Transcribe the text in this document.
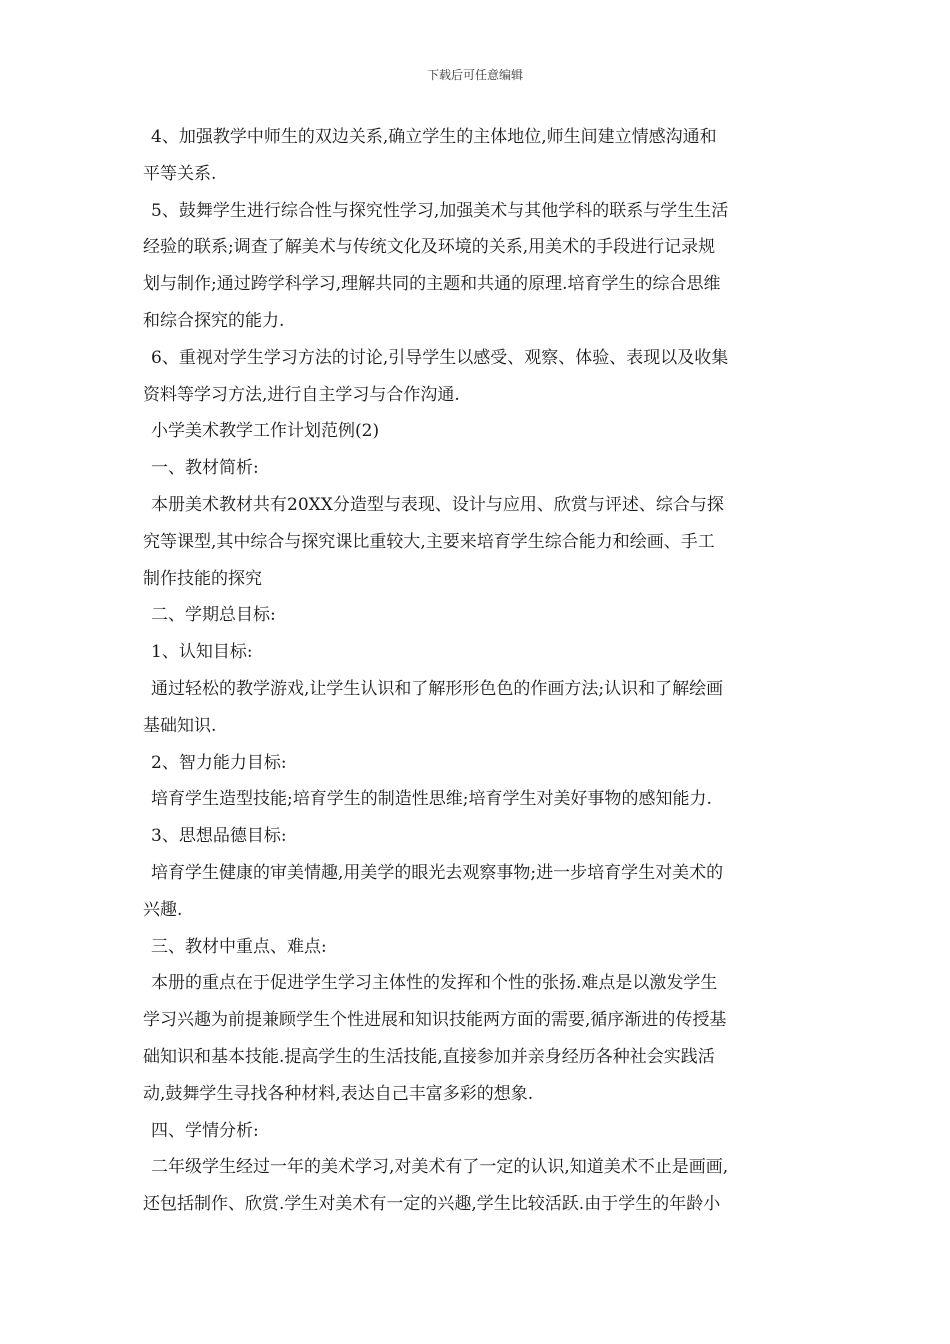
下载后可任意编辑
4、加强教学中师生的双边关系,确立学生的主体地位,师生间建立情感沟通和
平等关系.
5、鼓舞学生进行综合性与探究性学习,加强美术与其他学科的联系与学生生活
经验的联系;调查了解美术与传统文化及环境的关系,用美术的手段进行记录规
划与制作;通过跨学科学习,理解共同的主题和共通的原理.培育学生的综合思维
和综合探究的能力.
6、重视对学生学习方法的讨论,引导学生以感受、观察、体验、表现以及收集
资料等学习方法,进行自主学习与合作沟通.
小学美术教学工作计划范例(2)
一、教材简析:
本册美术教材共有20XX分造型与表现、设计与应用、欣赏与评述、综合与探
究等课型,其中综合与探究课比重较大,主要来培育学生综合能力和绘画、手工
制作技能的探究
二、学期总目标:
1、认知目标:
通过轻松的教学游戏,让学生认识和了解形形色色的作画方法;认识和了解绘画
基础知识.
2、智力能力目标:
培育学生造型技能;培育学生的制造性思维;培育学生对美好事物的感知能力.
3、思想品德目标:
培育学生健康的审美情趣,用美学的眼光去观察事物;进一步培育学生对美术的
兴趣.
三、教材中重点、难点:
本册的重点在于促进学生学习主体性的发挥和个性的张扬.难点是以激发学生
学习兴趣为前提兼顾学生个性进展和知识技能两方面的需要,循序渐进的传授基
础知识和基本技能.提高学生的生活技能,直接参加并亲身经历各种社会实践活
动,鼓舞学生寻找各种材料,表达自己丰富多彩的想象.
四、学情分析:
二年级学生经过一年的美术学习,对美术有了一定的认识,知道美术不止是画画,
还包括制作、欣赏.学生对美术有一定的兴趣,学生比较活跃.由于学生的年龄小
